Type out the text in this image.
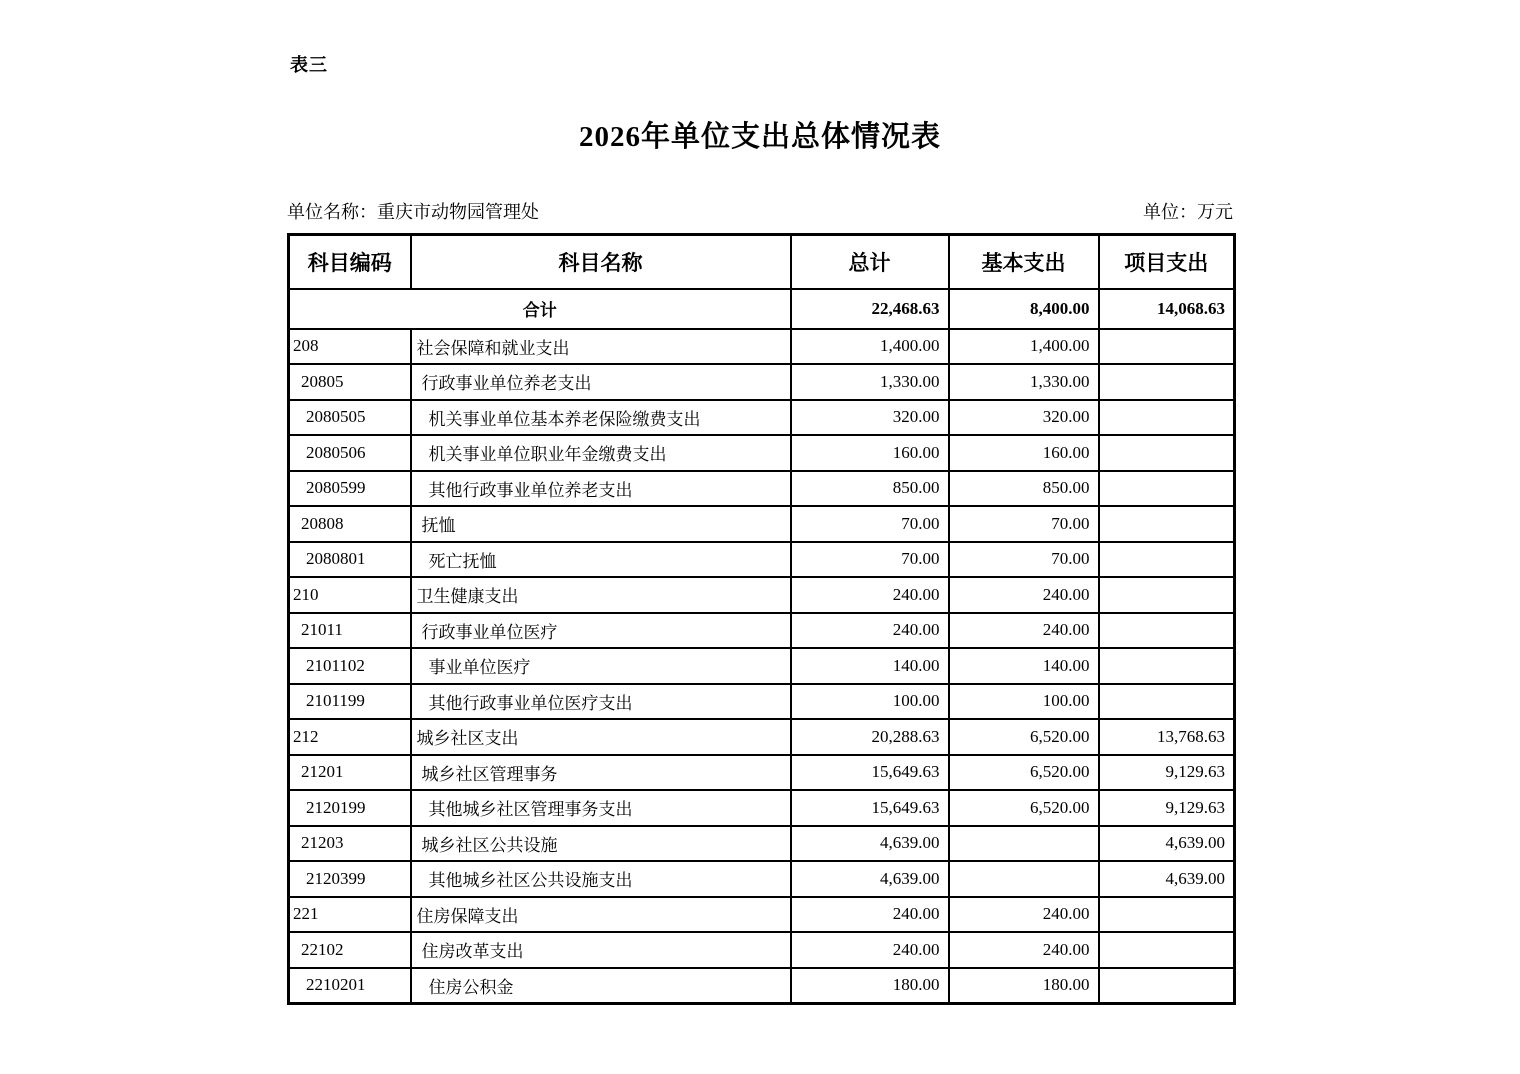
表三
2026年单位支出总体情况表
单位名称：重庆市动物园管理处	单位：万元
科目编码	科目名称	总计	基本支出	项目支出
合计		22,468.63	8,400.00	14,068.63
208	社会保障和就业支出	1,400.00	1,400.00	
20805	行政事业单位养老支出	1,330.00	1,330.00	
2080505	机关事业单位基本养老保险缴费支出	320.00	320.00	
2080506	机关事业单位职业年金缴费支出	160.00	160.00	
2080599	其他行政事业单位养老支出	850.00	850.00	
20808	抚恤	70.00	70.00	
2080801	死亡抚恤	70.00	70.00	
210	卫生健康支出	240.00	240.00	
21011	行政事业单位医疗	240.00	240.00	
2101102	事业单位医疗	140.00	140.00	
2101199	其他行政事业单位医疗支出	100.00	100.00	
212	城乡社区支出	20,288.63	6,520.00	13,768.63
21201	城乡社区管理事务	15,649.63	6,520.00	9,129.63
2120199	其他城乡社区管理事务支出	15,649.63	6,520.00	9,129.63
21203	城乡社区公共设施	4,639.00		4,639.00
2120399	其他城乡社区公共设施支出	4,639.00		4,639.00
221	住房保障支出	240.00	240.00	
22102	住房改革支出	240.00	240.00	
2210201	住房公积金	180.00	180.00	
